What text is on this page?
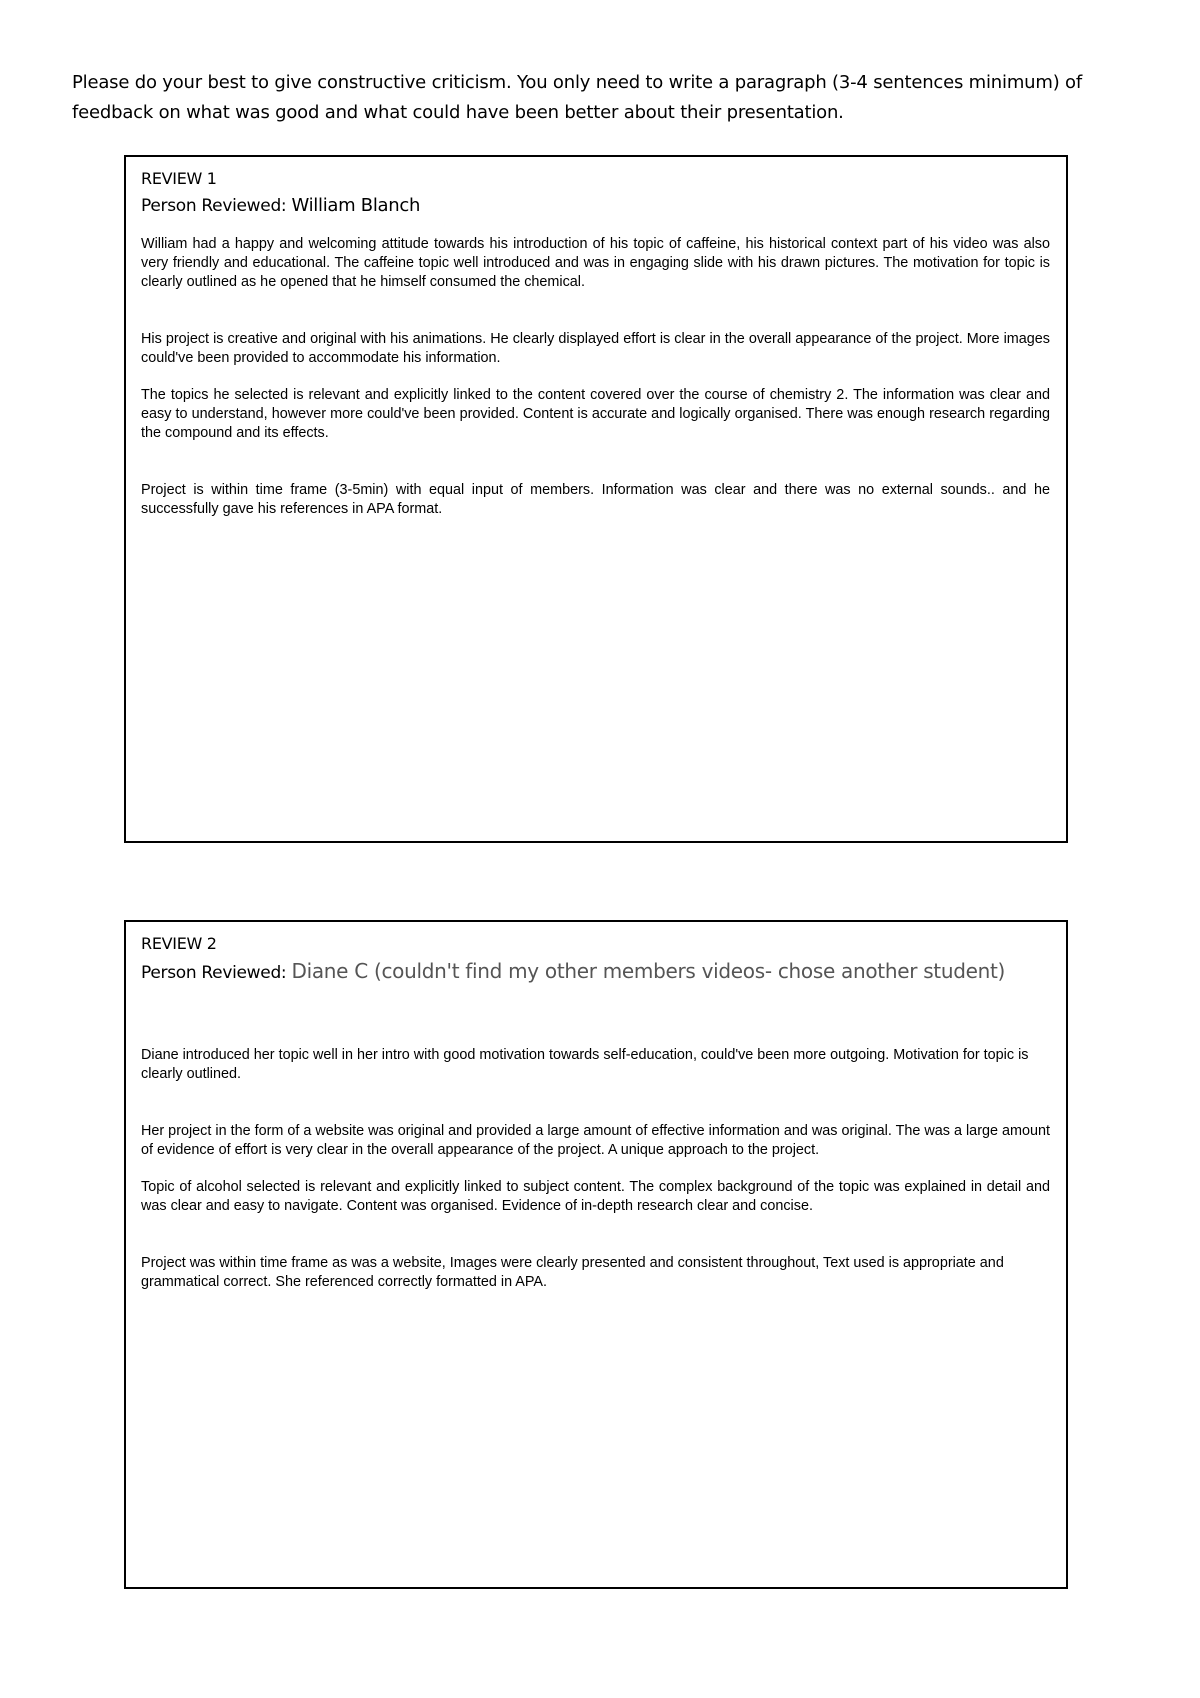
Please do your best to give constructive criticism. You only need to write a paragraph (3-4 sentences minimum) of feedback on what was good and what could have been better about their presentation.

REVIEW 1

Person Reviewed: William Blanch

William had a happy and welcoming attitude towards his introduction of his topic of caffeine, his historical context part of his video was also very friendly and educational. The caffeine topic well introduced and was in engaging slide with his drawn pictures. The motivation for topic is clearly outlined as he opened that he himself consumed the chemical.

His project is creative and original with his animations. He clearly displayed effort is clear in the overall appearance of the project. More images could've been provided to accommodate his information.

The topics he selected is relevant and explicitly linked to the content covered over the course of chemistry 2. The information was clear and easy to understand, however more could've been provided. Content is accurate and logically organised. There was enough research regarding the compound and its effects.

Project is within time frame (3-5min) with equal input of members. Information was clear and there was no external sounds.. and he successfully gave his references in APA format.

REVIEW 2

Person Reviewed: Diane C (couldn't find my other members videos- chose another student)

Diane introduced her topic well in her intro with good motivation towards self-education, could've been more outgoing. Motivation for topic is clearly outlined.

Her project in the form of a website was original and provided a large amount of effective information and was original. The was a large amount of evidence of effort is very clear in the overall appearance of the project. A unique approach to the project.

Topic of alcohol selected is relevant and explicitly linked to subject content. The complex background of the topic was explained in detail and was clear and easy to navigate. Content was organised. Evidence of in-depth research clear and concise.

Project was within time frame as was a website, Images were clearly presented and consistent throughout, Text used is appropriate and grammatical correct. She referenced correctly formatted in APA.
